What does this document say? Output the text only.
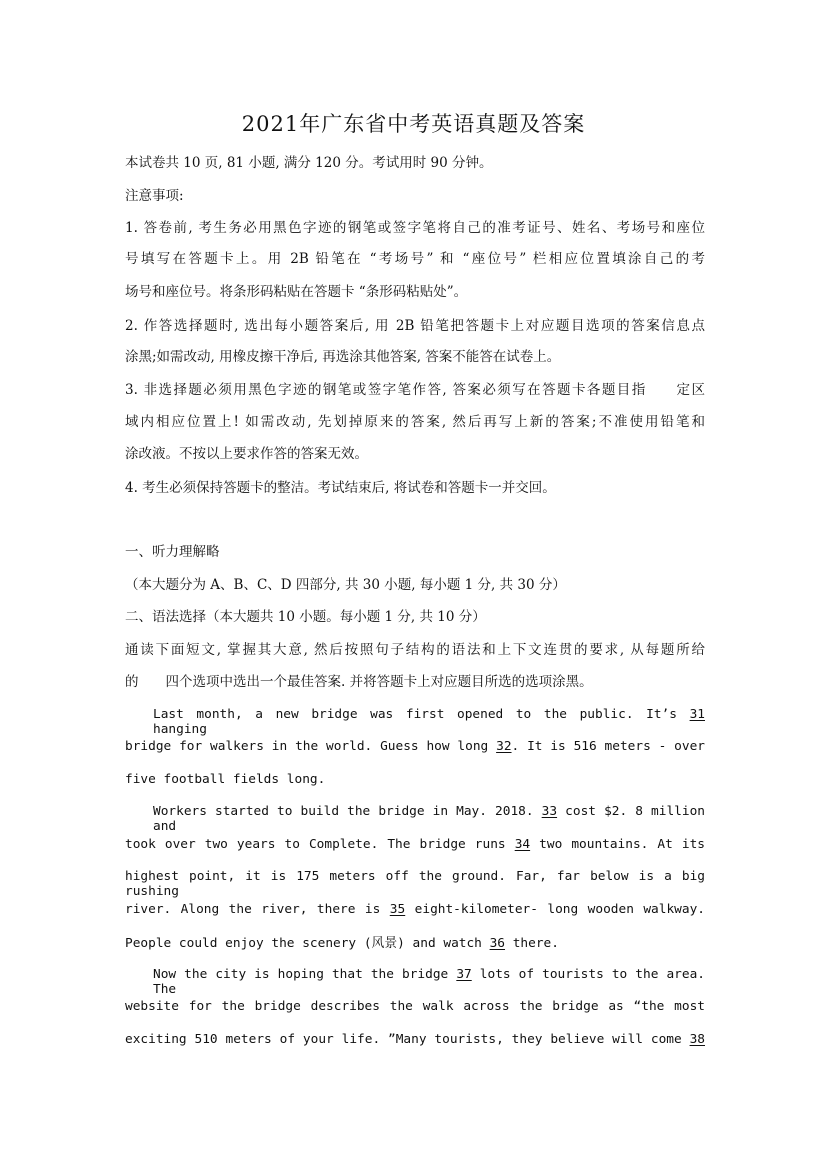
2021年广东省中考英语真题及答案
本试卷共 10 页, 81 小题, 满分 120 分。考试用时 90 分钟。
注意事项:
1. 答卷前, 考生务必用黑色字迹的钢笔或签字笔将自己的准考证号、姓名、考场号和座位
号填写在答题卡上。用 2B 铅笔在 “考场号” 和 “座位号” 栏相应位置填涂自己的考
场号和座位号。将条形码粘贴在答题卡 “条形码粘贴处”。
2. 作答选择题时, 选出每小题答案后, 用 2B 铅笔把答题卡上对应题目选项的答案信息点
涂黑;如需改动, 用橡皮擦干净后, 再选涂其他答案, 答案不能答在试卷上。
3. 非选择题必须用黑色字迹的钢笔或签字笔作答, 答案必须写在答题卡各题目指　　定区
域内相应位置上! 如需改动, 先划掉原来的答案, 然后再写上新的答案;不准使用铅笔和
涂改液。不按以上要求作答的答案无效。
4. 考生必须保持答题卡的整洁。考试结束后, 将试卷和答题卡一并交回。
一、听力理解略
（本大题分为 A、B、C、D 四部分, 共 30 小题, 每小题 1 分, 共 30 分）
二、语法选择（本大题共 10 小题。每小题 1 分, 共 10 分）
通读下面短文, 掌握其大意, 然后按照句子结构的语法和上下文连贯的要求, 从每题所给
的　　四个选项中选出一个最佳答案. 并将答题卡上对应题目所选的选项涂黑。
Last month, a new bridge was first opened to the public. It’s 31 hanging
bridge for walkers in the world. Guess how long 32. It is 516 meters - over
five football fields long.
Workers started to build the bridge in May. 2018. 33 cost $2. 8 million and
took over two years to Complete. The bridge runs 34 two mountains. At its
highest point, it is 175 meters off the ground. Far, far below is a big rushing
river. Along the river, there is 35 eight-kilometer- long wooden walkway.
People could enjoy the scenery (风景) and watch 36 there.
Now the city is hoping that the bridge 37 lots of tourists to the area. The
website for the bridge describes the walk across the bridge as “the most
exciting 510 meters of your life. ”Many tourists, they believe will come 38
